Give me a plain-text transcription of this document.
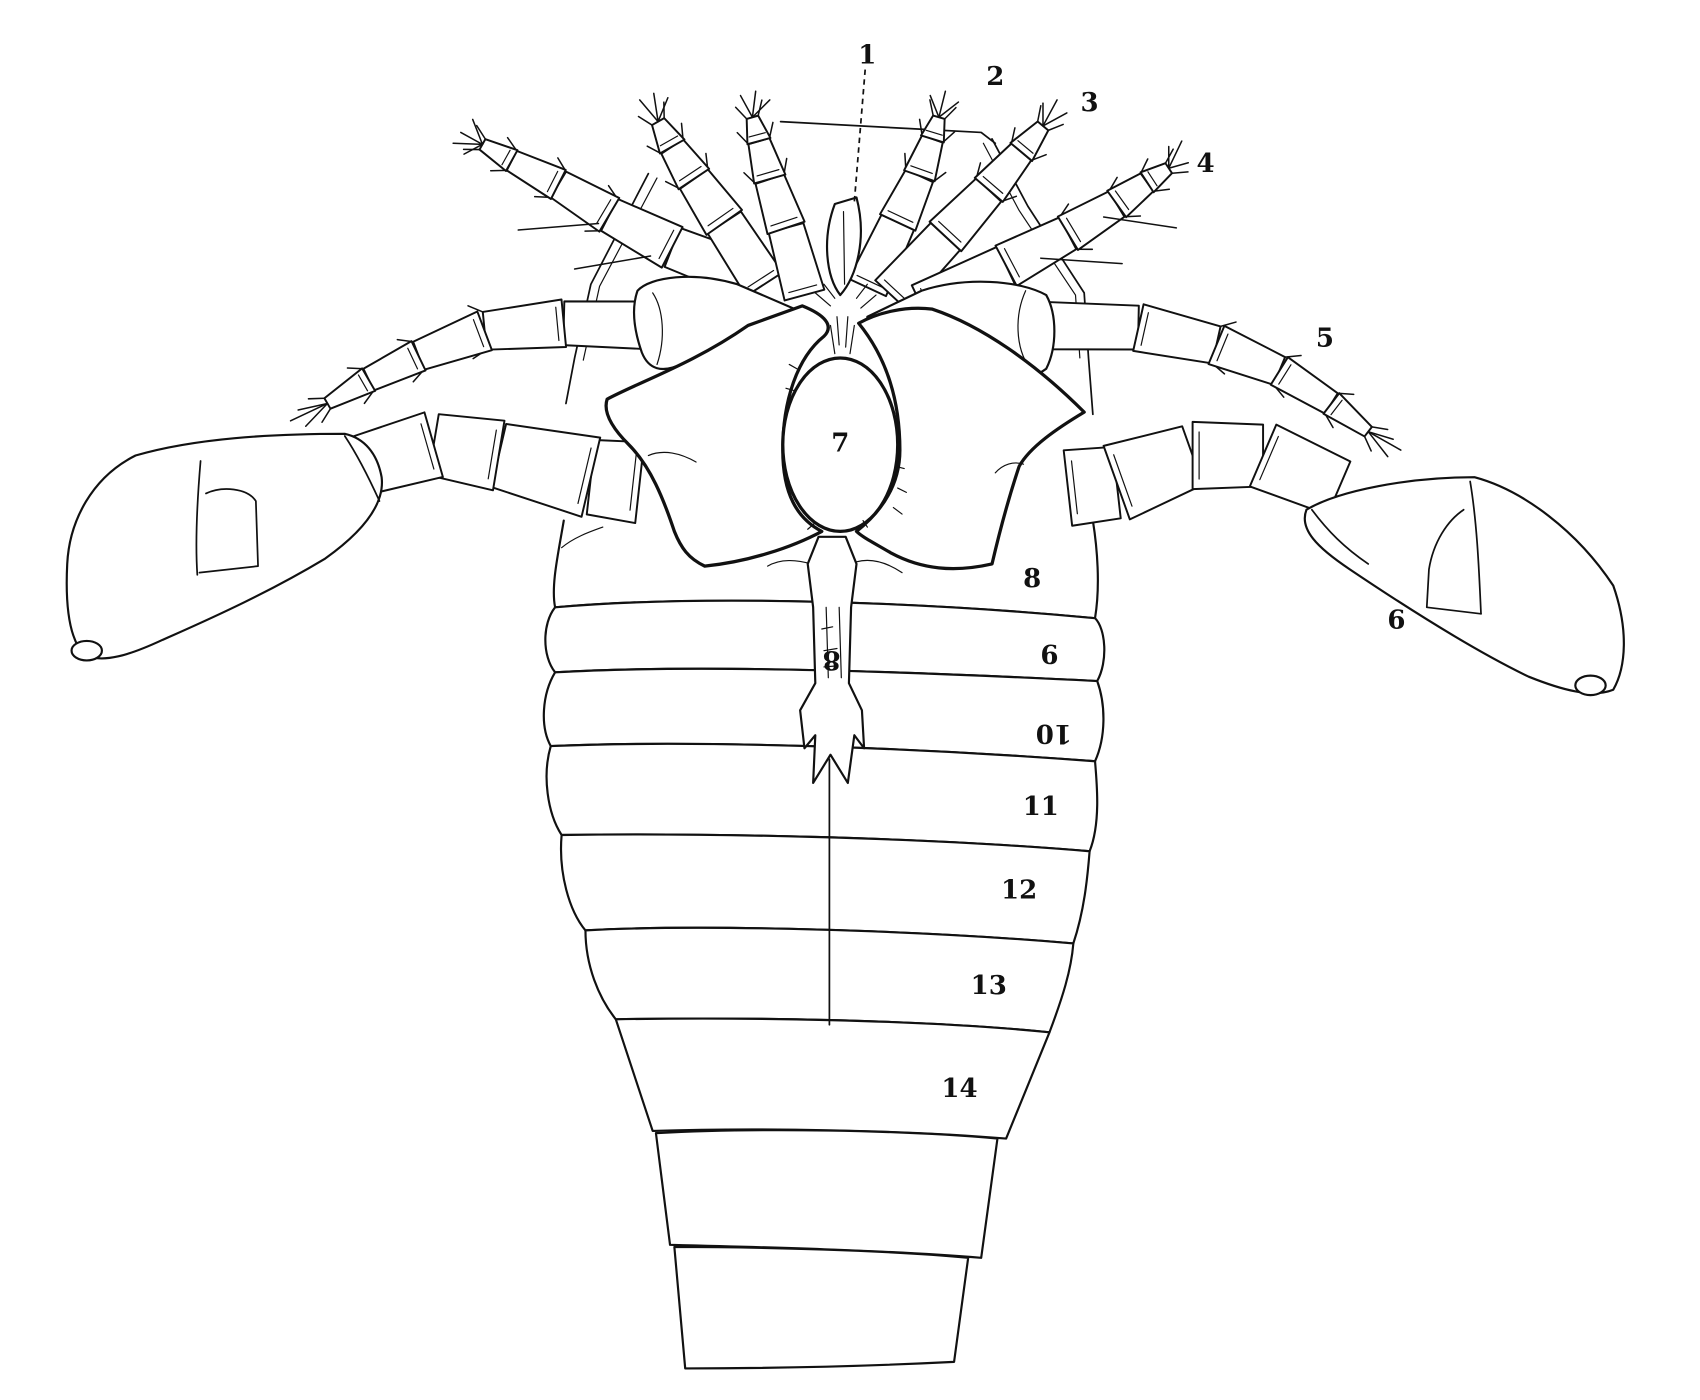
1
2
3
4
5
6
7
8
8	9
10
11
12
13
14
